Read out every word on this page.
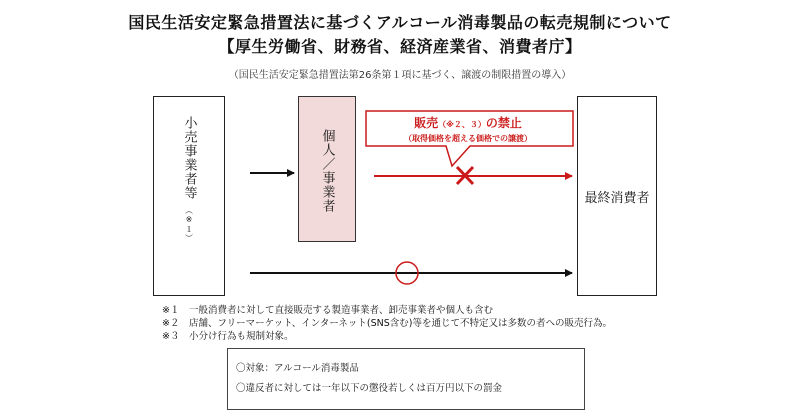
国民生活安定緊急措置法に基づくアルコール消毒製品の転売規制について
【厚生労働省、財務省、経済産業省、消費者庁】
（国民生活安定緊急措置法第26条第１項に基づく、譲渡の制限措置の導入）
小売事業者等（※１）
個人／事業者	最終消費者
販売（※２、３）の禁止
（取得価格を超える価格での譲渡）
※１　一般消費者に対して直接販売する製造事業者、卸売事業者や個人も含む
※２　店舗、フリーマーケット、インターネット(SNS含む)等を通じて不特定又は多数の者への販売行為。
※３　小分け行為も規制対象。
〇対象：アルコール消毒製品
〇違反者に対しては一年以下の懲役若しくは百万円以下の罰金
